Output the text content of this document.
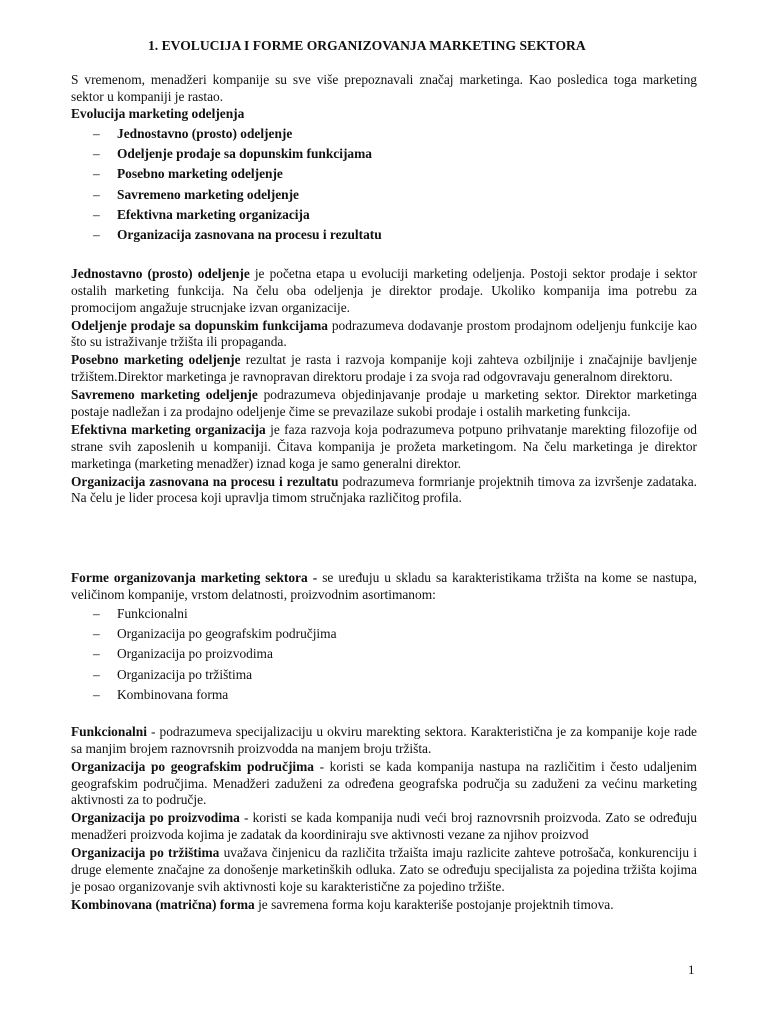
1. EVOLUCIJA I FORME ORGANIZOVANJA MARKETING SEKTORA
S vremenom, menadžeri kompanije su sve više prepoznavali značaj marketinga. Kao posledica toga marketing sektor u kompaniji je rastao.
Evolucija marketing odeljenja
– Jednostavno (prosto) odeljenje
– Odeljenje prodaje sa dopunskim funkcijama
– Posebno marketing odeljenje
– Savremeno marketing odeljenje
– Efektivna marketing organizacija
– Organizacija zasnovana na procesu i rezultatu

Jednostavno (prosto) odeljenje je početna etapa u evoluciji marketing odeljenja. Postoji sektor prodaje i sektor ostalih marketing funkcija. Na čelu oba odeljenja je direktor prodaje. Ukoliko kompanija ima potrebu za promocijom angažuje strucnjake izvan organizacije.

Odeljenje prodaje sa dopunskim funkcijama podrazumeva dodavanje prostom prodajnom odeljenju funkcije kao što su istraživanje tržišta ili propaganda.

Posebno marketing odeljenje rezultat je rasta i razvoja kompanije koji zahteva ozbiljnije i značajnije bavljenje tržištem.Direktor marketinga je ravnopravan direktoru prodaje i za svoja rad odgovravaju generalnom direktoru.

Savremeno marketing odeljenje podrazumeva objedinjavanje prodaje u marketing sektor. Direktor marketinga postaje nadležan i za prodajno odeljenje čime se prevazilaze sukobi prodaje i ostalih marketing funkcija.

Efektivna marketing organizacija je faza razvoja koja podrazumeva potpuno prihvatanje marekting filozofije od strane svih zaposlenih u kompaniji. Čitava kompanija je prožeta marketingom. Na čelu marketinga je direktor marketinga (marketing menadžer) iznad koga je samo generalni direktor.

Organizacija zasnovana na procesu i rezultatu podrazumeva formrianje projektnih timova za izvršenje zadataka. Na čelu je lider procesa koji upravlja timom stručnjaka različitog profila.

Forme organizovanja marketing sektora - se uređuju u skladu sa karakteristikama tržišta na kome se nastupa, veličinom kompanije, vrstom delatnosti, proizvodnim asortimanom:
– Funkcionalni
– Organizacija po geografskim područjima
– Organizacija po proizvodima
– Organizacija po tržištima
– Kombinovana forma

Funkcionalni - podrazumeva specijalizaciju u okviru marekting sektora. Karakteristična je za kompanije koje rade sa manjim brojem raznovrsnih proizvodda na manjem broju tržišta.

Organizacija po geografskim područjima - koristi se kada kompanija nastupa na različitim i često udaljenim geografskim područjima. Menadžeri zaduženi za određena geografska područja su zaduženi za većinu marketing aktivnosti za to područje.

Organizacija po proizvodima - koristi se kada kompanija nudi veći broj raznovrsnih proizvoda. Zato se određuju menadžeri proizvoda kojima je zadatak da koordiniraju sve aktivnosti vezane za njihov proizvod

Organizacija po tržištima uvažava činjenicu da različita tržaišta imaju razlicite zahteve potrošača, konkurenciju i druge elemente značajne za donošenje marketinških odluka. Zato se određuju specijalista za pojedina tržišta kojima je posao organizovanje svih aktivnosti koje su karakteristične za pojedino tržište.

Kombinovana (matrična) forma je savremena forma koju karakteriše postojanje projektnih timova.

1
